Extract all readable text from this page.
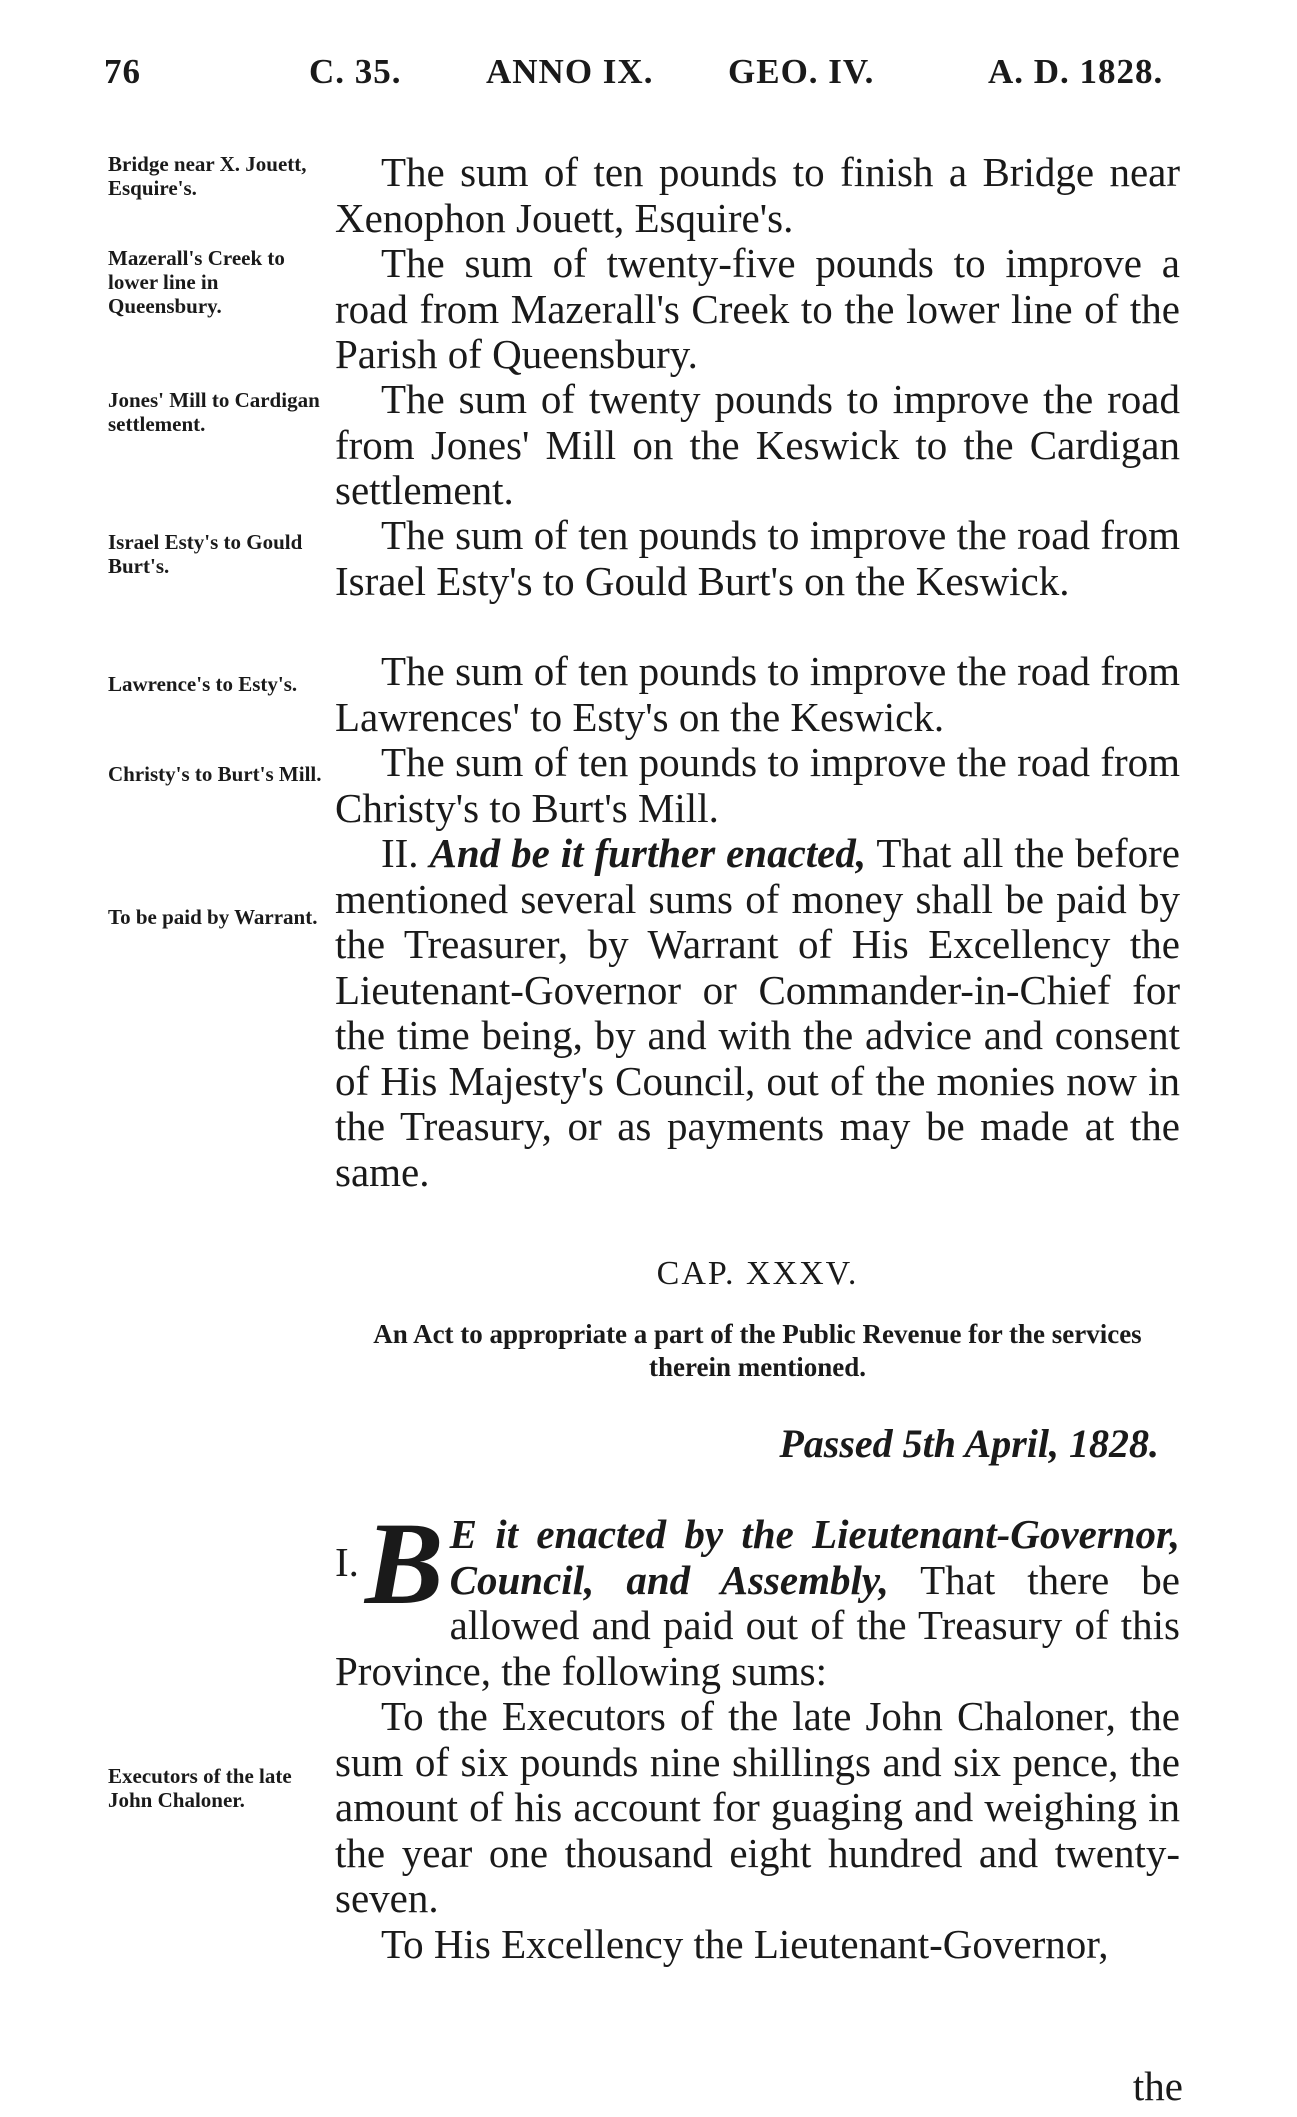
76	C. 35. ANNO IX. GEO. IV.	A. D. 1828.
Bridge near X. Jouett, Esquire's.
Mazerall's Creek to lower line in Queensbury.
Jones' Mill to Cardigan settlement.
Israel Esty's to Gould Burt's.
Lawrence's to Esty's.
Christy's to Burt's Mill.
To be paid by Warrant.
Executors of the late John Chaloner.

The sum of ten pounds to finish a Bridge near Xenophon Jouett, Esquire's.

The sum of twenty-five pounds to improve a road from Mazerall's Creek to the lower line of the Parish of Queensbury.

The sum of twenty pounds to improve the road from Jones' Mill on the Keswick to the Cardigan settlement.

The sum of ten pounds to improve the road from Israel Esty's to Gould Burt's on the Keswick.

The sum of ten pounds to improve the road from Lawrences' to Esty's on the Keswick.

The sum of ten pounds to improve the road from Christy's to Burt's Mill.

II. And be it further enacted, That all the before mentioned several sums of money shall be paid by the Treasurer, by Warrant of His Excellency the Lieutenant-Governor or Commander-in-Chief for the time being, by and with the advice and consent of His Majesty's Council, out of the monies now in the Treasury, or as payments may be made at the same.

CAP. XXXV.
An Act to appropriate a part of the Public Revenue for the services therein mentioned.
Passed 5th April, 1828.
I. B E it enacted by the Lieutenant-Governor, Council, and Assembly, That there be allowed and paid out of the Treasury of this Province, the following sums:

To the Executors of the late John Chaloner, the sum of six pounds nine shillings and six pence, the amount of his account for guaging and weighing in the year one thousand eight hundred and twenty-seven.

To His Excellency the Lieutenant-Governor,

the
